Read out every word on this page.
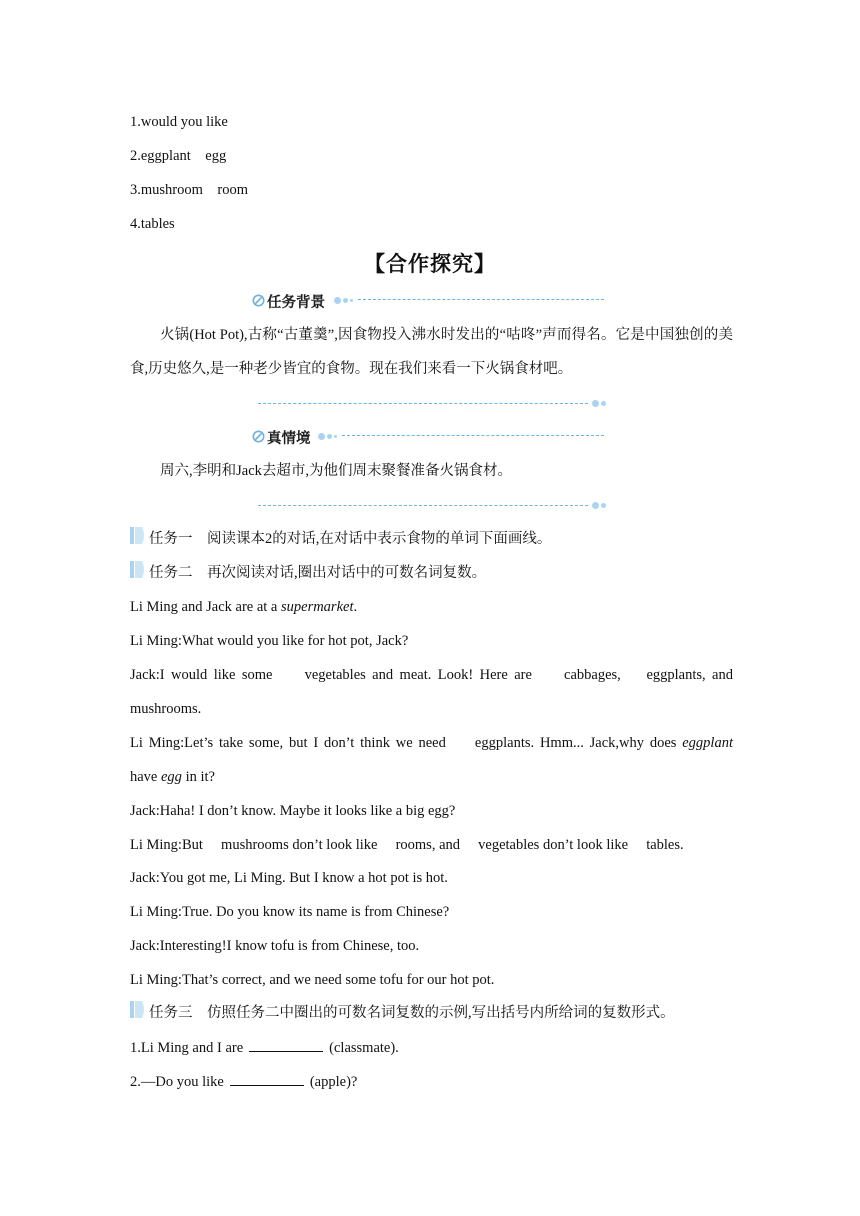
1.would you like
2.eggplant    egg
3.mushroom    room
4.tables
【合作探究】
任务背景
火锅(Hot Pot),古称“古董羹”,因食物投入沸水时发出的“咕咚”声而得名。它是中国独创的美食,历史悠久,是一种老少皆宜的食物。现在我们来看一下火锅食材吧。
真情境
周六,李明和Jack去超市,为他们周末聚餐准备火锅食材。
任务一    阅读课本2的对话,在对话中表示食物的单词下面画线。
任务二    再次阅读对话,圈出对话中的可数名词复数。
Li Ming and Jack are at a supermarket.
Li Ming:What would you like for hot pot, Jack?
Jack:I would like some     vegetables and meat. Look! Here are     cabbages,    eggplants, and
mushrooms.
Li Ming:Let’s take some, but I don’t think we need     eggplants. Hmm... Jack,why does eggplant
have egg in it?
Jack:Haha! I don’t know. Maybe it looks like a big egg?
Li Ming:But     mushrooms don’t look like     rooms, and     vegetables don’t look like     tables.
Jack:You got me, Li Ming. But I know a hot pot is hot.
Li Ming:True. Do you know its name is from Chinese?
Jack:Interesting!I know tofu is from Chinese, too.
Li Ming:That’s correct, and we need some tofu for our hot pot.
任务三    仿照任务二中圈出的可数名词复数的示例,写出括号内所给词的复数形式。
1.Li Ming and I are	(classmate).
2.—Do you like	(apple)?
